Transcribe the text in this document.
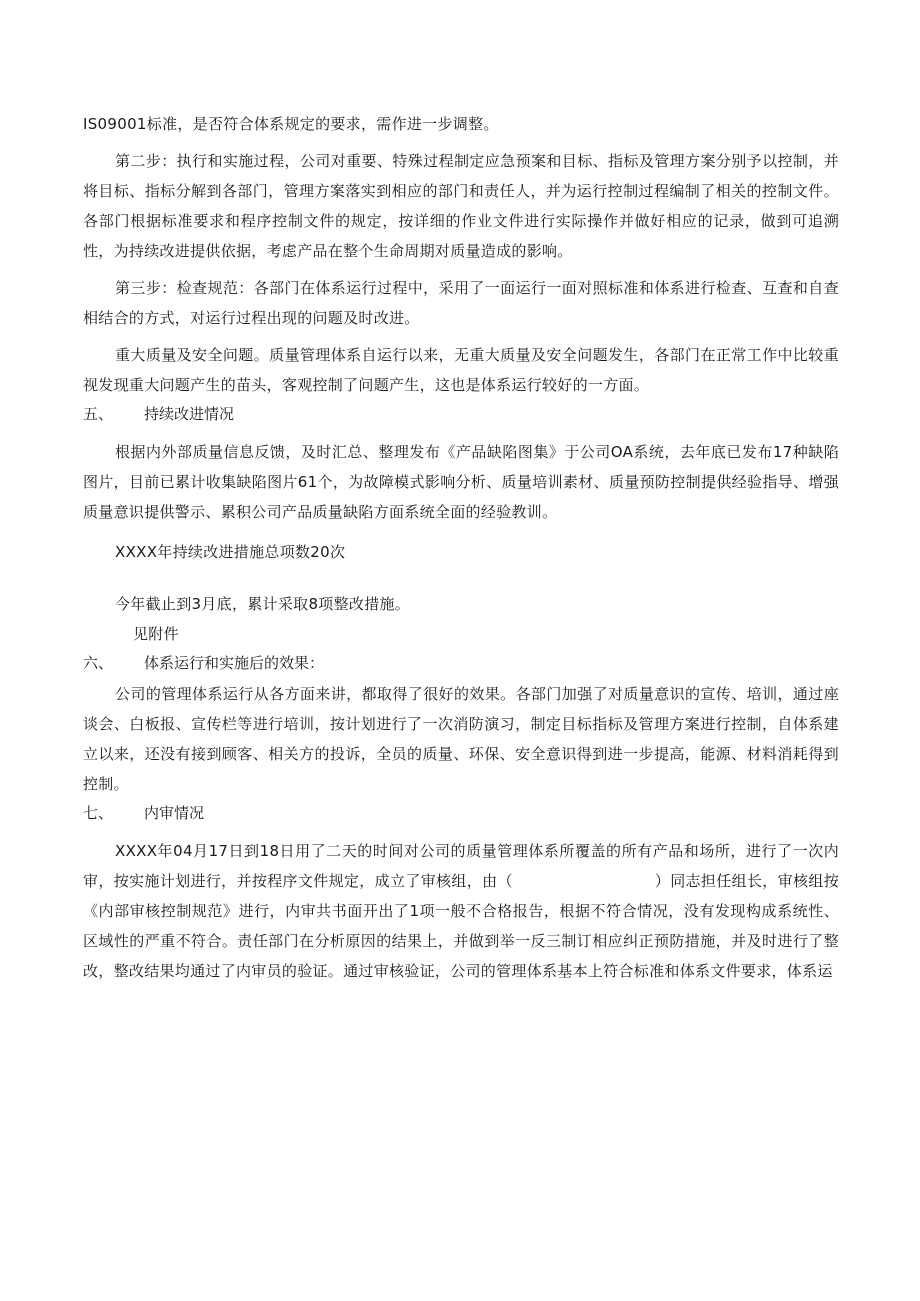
IS09001标准，是否符合体系规定的要求，需作进一步调整。

第二步：执行和实施过程，公司对重要、特殊过程制定应急预案和目标、指标及管理方案分别予以控制，并将目标、指标分解到各部门，管理方案落实到相应的部门和责任人，并为运行控制过程编制了相关的控制文件。各部门根据标准要求和程序控制文件的规定，按详细的作业文件进行实际操作并做好相应的记录，做到可追溯性，为持续改进提供依据，考虑产品在整个生命周期对质量造成的影响。

第三步：检查规范：各部门在体系运行过程中，采用了一面运行一面对照标准和体系进行检查、互查和自查相结合的方式，对运行过程出现的问题及时改进。

重大质量及安全问题。质量管理体系自运行以来，无重大质量及安全问题发生，各部门在正常工作中比较重视发现重大问题产生的苗头，客观控制了问题产生，这也是体系运行较好的一方面。

五、 持续改进情况

根据内外部质量信息反馈，及时汇总、整理发布《产品缺陷图集》于公司OA系统，去年底已发布17种缺陷图片，目前已累计收集缺陷图片61个，为故障模式影响分析、质量培训素材、质量预防控制提供经验指导、增强质量意识提供警示、累积公司产品质量缺陷方面系统全面的经验教训。

XXXX年持续改进措施总项数20次

今年截止到3月底，累计采取8项整改措施。

见附件

六、 体系运行和实施后的效果：

公司的管理体系运行从各方面来讲，都取得了很好的效果。各部门加强了对质量意识的宣传、培训，通过座谈会、白板报、宣传栏等进行培训，按计划进行了一次消防演习，制定目标指标及管理方案进行控制，自体系建立以来，还没有接到顾客、相关方的投诉，全员的质量、环保、安全意识得到进一步提高，能源、材料消耗得到控制。

七、 内审情况

XXXX年04月17日到18日用了二天的时间对公司的质量管理体系所覆盖的所有产品和场所，进行了一次内审，按实施计划进行，并按程序文件规定，成立了审核组，由（	）同志担任组长，审核组按《内部审核控制规范》进行，内审共书面开出了1项一般不合格报告，根据不符合情况，没有发现构成系统性、区域性的严重不符合。责任部门在分析原因的结果上，并做到举一反三制订相应纠正预防措施，并及时进行了整改，整改结果均通过了内审员的验证。通过审核验证，公司的管理体系基本上符合标准和体系文件要求，体系运
